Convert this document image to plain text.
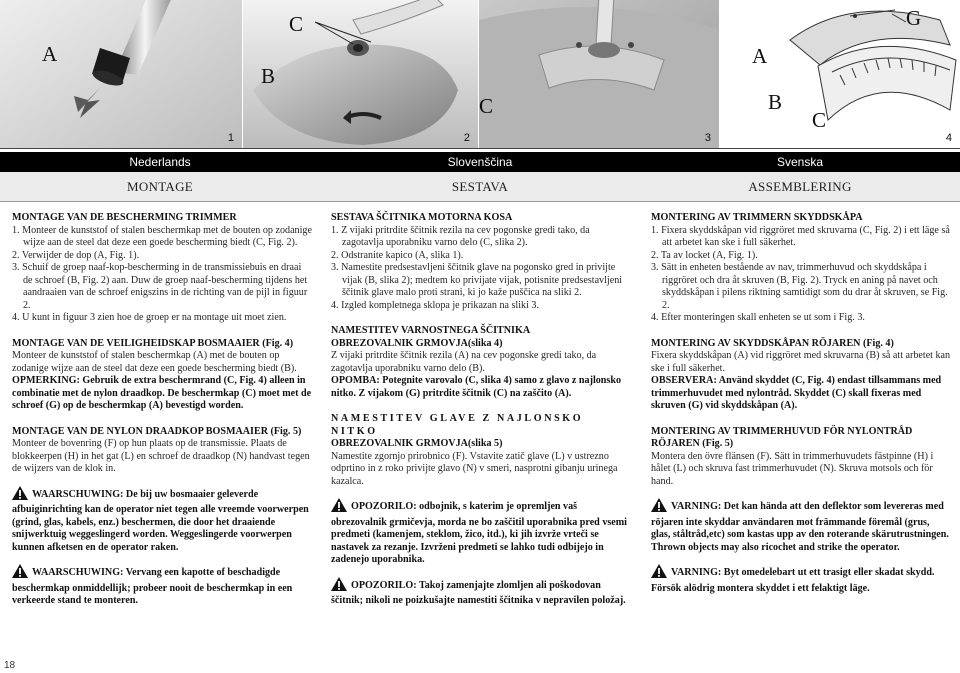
A
1
B
C
2
C
3
A
B
C
G
4
Nederlands	Slovenščina	Svenska
MONTAGE	SESTAVA	ASSEMBLERING

MONTAGE VAN DE BESCHERMING TRIMMER

1. Monteer de kunststof of stalen beschermkap met de bouten op zodanige wijze aan de steel dat deze een goede bescherming biedt (C, Fig. 2).

2. Verwijder de dop (A, Fig. 1).

3. Schuif de groep naaf-kop-bescherming in de transmissiebuis en draai de schroef (B, Fig. 2) aan. Duw de groep naaf-bescherming tijdens het aandraaien van de schroef enigszins in de richting van de pijl in figuur 2.

4. U kunt in figuur 3 zien hoe de groep er na montage uit moet zien.

MONTAGE VAN DE VEILIGHEIDSKAP BOSMAAIER (Fig. 4)

Monteer de kunststof of stalen beschermkap (A) met de bouten op zodanige wijze aan de steel dat deze een goede bescherming biedt (B).

OPMERKING: Gebruik de extra beschermrand (C, Fig. 4) alleen in combinatie met de nylon draadkop. De beschermkap (C) moet met de schroef (G) op de beschermkap (A) bevestigd worden.

MONTAGE VAN DE NYLON DRAADKOP BOSMAAIER (Fig. 5)

Monteer de bovenring (F) op hun plaats op de transmissie. Plaats de blokkeerpen (H) in het gat (L) en schroef de draadkop (N) handvast tegen de wijzers van de klok in.

WAARSCHUWING: De bij uw bosmaaier geleverde afbuiginrichting kan de operator niet tegen alle vreemde voorwerpen (grind, glas, kabels, enz.) beschermen, die door het draaiende snijwerktuig weggeslingerd worden. Weggeslingerde voorwerpen kunnen afketsen en de operator raken.

WAARSCHUWING: Vervang een kapotte of beschadigde beschermkap onmiddellijk; probeer nooit de beschermkap in een verkeerde stand te monteren.

SESTAVA ŠČITNIKA MOTORNA KOSA

1. Z vijaki pritrdite ščitnik rezila na cev pogonske gredi tako, da zagotavlja uporabniku varno delo (C, slika 2).

2. Odstranite kapico (A, slika 1).

3. Namestite predsestavljeni ščitnik glave na pogonsko gred in privijte vijak (B, slika 2); medtem ko privijate vijak, potisnite predsestavljeni ščitnik glave malo proti strani, ki jo kaže puščica na sliki 2.

4. Izgled kompletnega sklopa je prikazan na sliki 3.

NAMESTITEV VARNOSTNEGA ŠČITNIKA

OBREZOVALNIK GRMOVJA(slika 4)

Z vijaki pritrdite ščitnik rezila (A) na cev pogonske gredi tako, da zagotavlja uporabniku varno delo (B).

OPOMBA: Potegnite varovalo (C, slika 4) samo z glavo z najlonsko nitko. Z vijakom (G) pritrdite ščitnik (C) na zaščito (A).

NAMESTITEV GLAVE Z NAJLONSKO NITKO

OBREZOVALNIK GRMOVJA(slika 5)

Namestite zgornjo prirobnico (F). Vstavite zatič glave (L) v ustrezno odprtino in z roko privijte glavo (N) v smeri, nasprotni gibanju urinega kazalca.

OPOZORILO: odbojnik, s katerim je opremljen vaš obrezovalnik grmičevja, morda ne bo zaščitil uporabnika pred vsemi predmeti (kamenjem, steklom, žico, itd.), ki jih izvrže vrteči se nastavek za rezanje. Izvrženi predmeti se lahko tudi odbijejo in zadenejo uporabnika.

OPOZORILO: Takoj zamenjajte zlomljen ali poškodovan ščitnik; nikoli ne poizkušajte namestiti ščitnika v nepravilen položaj.

MONTERING AV TRIMMERN SKYDDSKÅPA

1. Fixera skyddskåpan vid riggröret med skruvarna (C, Fig. 2) i ett läge så att arbetet kan ske i full säkerhet.

2. Ta av locket (A, Fig. 1).

3. Sätt in enheten bestående av nav, trimmerhuvud och skyddskåpa i riggröret och dra åt skruven (B, Fig. 2). Tryck en aning på navet och skyddskåpan i pilens riktning samtidigt som du drar åt skruven, se Fig. 2.

4. Efter monteringen skall enheten se ut som i Fig. 3.

MONTERING AV SKYDDSKÅPAN RÖJAREN (Fig. 4)

Fixera skyddskåpan (A) vid riggröret med skruvarna (B) så att arbetet kan ske i full säkerhet.

OBSERVERA: Använd skyddet (C, Fig. 4) endast tillsammans med trimmerhuvudet med nylontråd. Skyddet (C) skall fixeras med skruven (G) vid skyddskåpan (A).

MONTERING AV TRIMMERHUVUD FÖR NYLONTRÅD RÖJAREN (Fig. 5)

Montera den övre flänsen (F). Sätt in trimmerhuvudets fästpinne (H) i hålet (L) och skruva fast trimmerhuvudet (N). Skruva motsols och för hand.

VARNING: Det kan hända att den deflektor som levereras med röjaren inte skyddar användaren mot främmande föremål (grus, glas, ståltråd,etc) som kastas upp av den roterande skärutrustningen. Thrown objects may also ricochet and strike the operator.

VARNING: Byt omedelebart ut ett trasigt eller skadat skydd. Försök alödrig montera skyddet i ett felaktigt läge.

18
